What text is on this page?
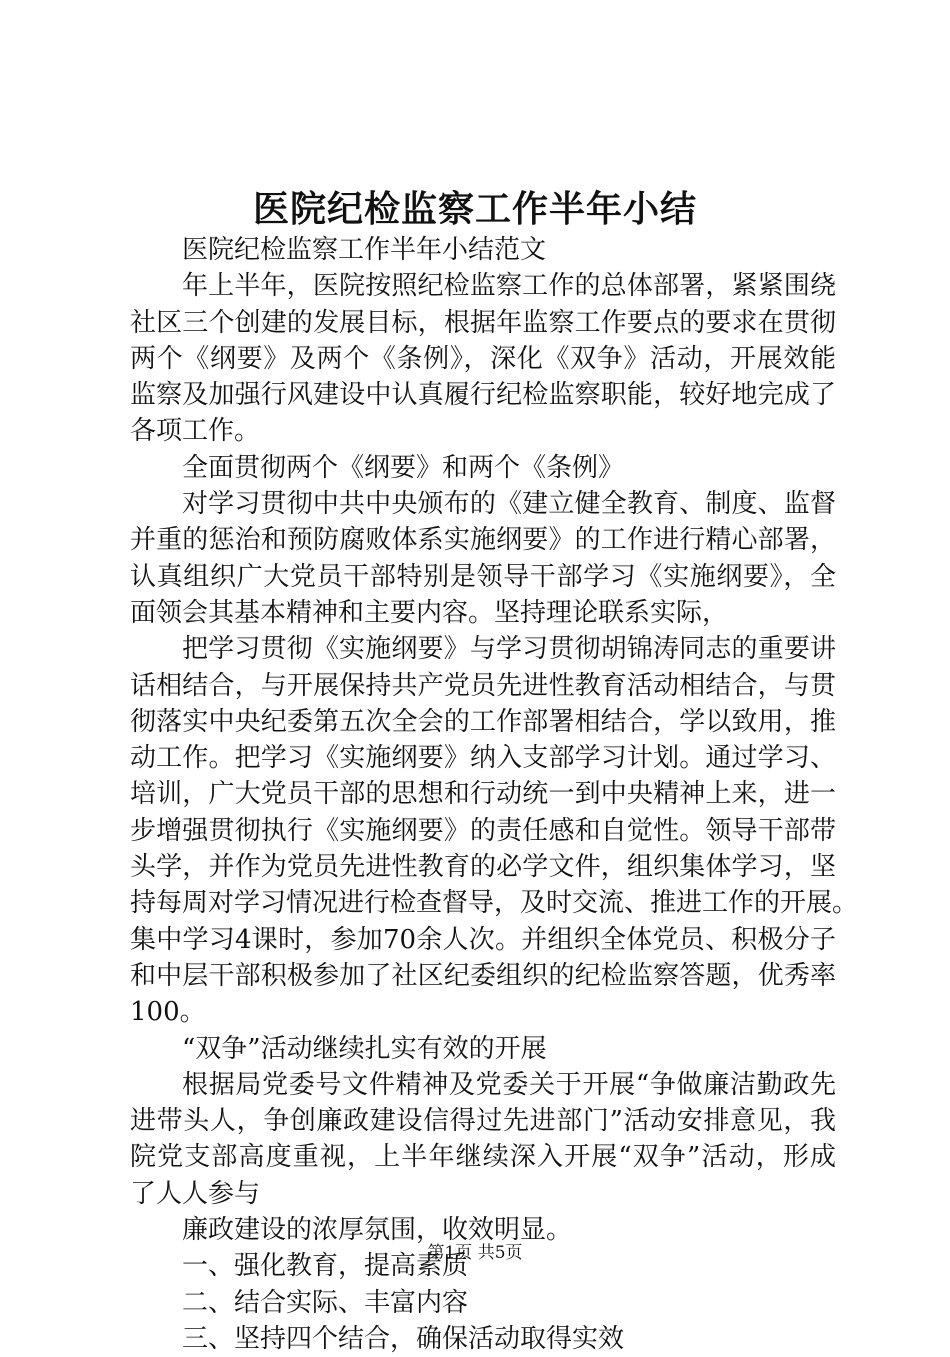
医院纪检监察工作半年小结
医院纪检监察工作半年小结范文
年上半年，医院按照纪检监察工作的总体部署，紧紧围绕
社区三个创建的发展目标，根据年监察工作要点的要求在贯彻
两个《纲要》及两个《条例》，深化《双争》活动，开展效能
监察及加强行风建设中认真履行纪检监察职能，较好地完成了
各项工作。
全面贯彻两个《纲要》和两个《条例》
对学习贯彻中共中央颁布的《建立健全教育、制度、监督
并重的惩治和预防腐败体系实施纲要》的工作进行精心部署，
认真组织广大党员干部特别是领导干部学习《实施纲要》，全
面领会其基本精神和主要内容。坚持理论联系实际，
把学习贯彻《实施纲要》与学习贯彻胡锦涛同志的重要讲
话相结合，与开展保持共产党员先进性教育活动相结合，与贯
彻落实中央纪委第五次全会的工作部署相结合，学以致用，推
动工作。把学习《实施纲要》纳入支部学习计划。通过学习、
培训，广大党员干部的思想和行动统一到中央精神上来，进一
步增强贯彻执行《实施纲要》的责任感和自觉性。领导干部带
头学，并作为党员先进性教育的必学文件，组织集体学习，坚
持每周对学习情况进行检查督导，及时交流、推进工作的开展。
集中学习4课时，参加70余人次。并组织全体党员、积极分子
和中层干部积极参加了社区纪委组织的纪检监察答题，优秀率
100。
“双争”活动继续扎实有效的开展
根据局党委号文件精神及党委关于开展“争做廉洁勤政先
进带头人，争创廉政建设信得过先进部门”活动安排意见，我
院党支部高度重视，上半年继续深入开展“双争”活动，形成
了人人参与
廉政建设的浓厚氛围，收效明显。
一、强化教育，提高素质
二、结合实际、丰富内容
三、坚持四个结合，确保活动取得实效
第1页 共5页
